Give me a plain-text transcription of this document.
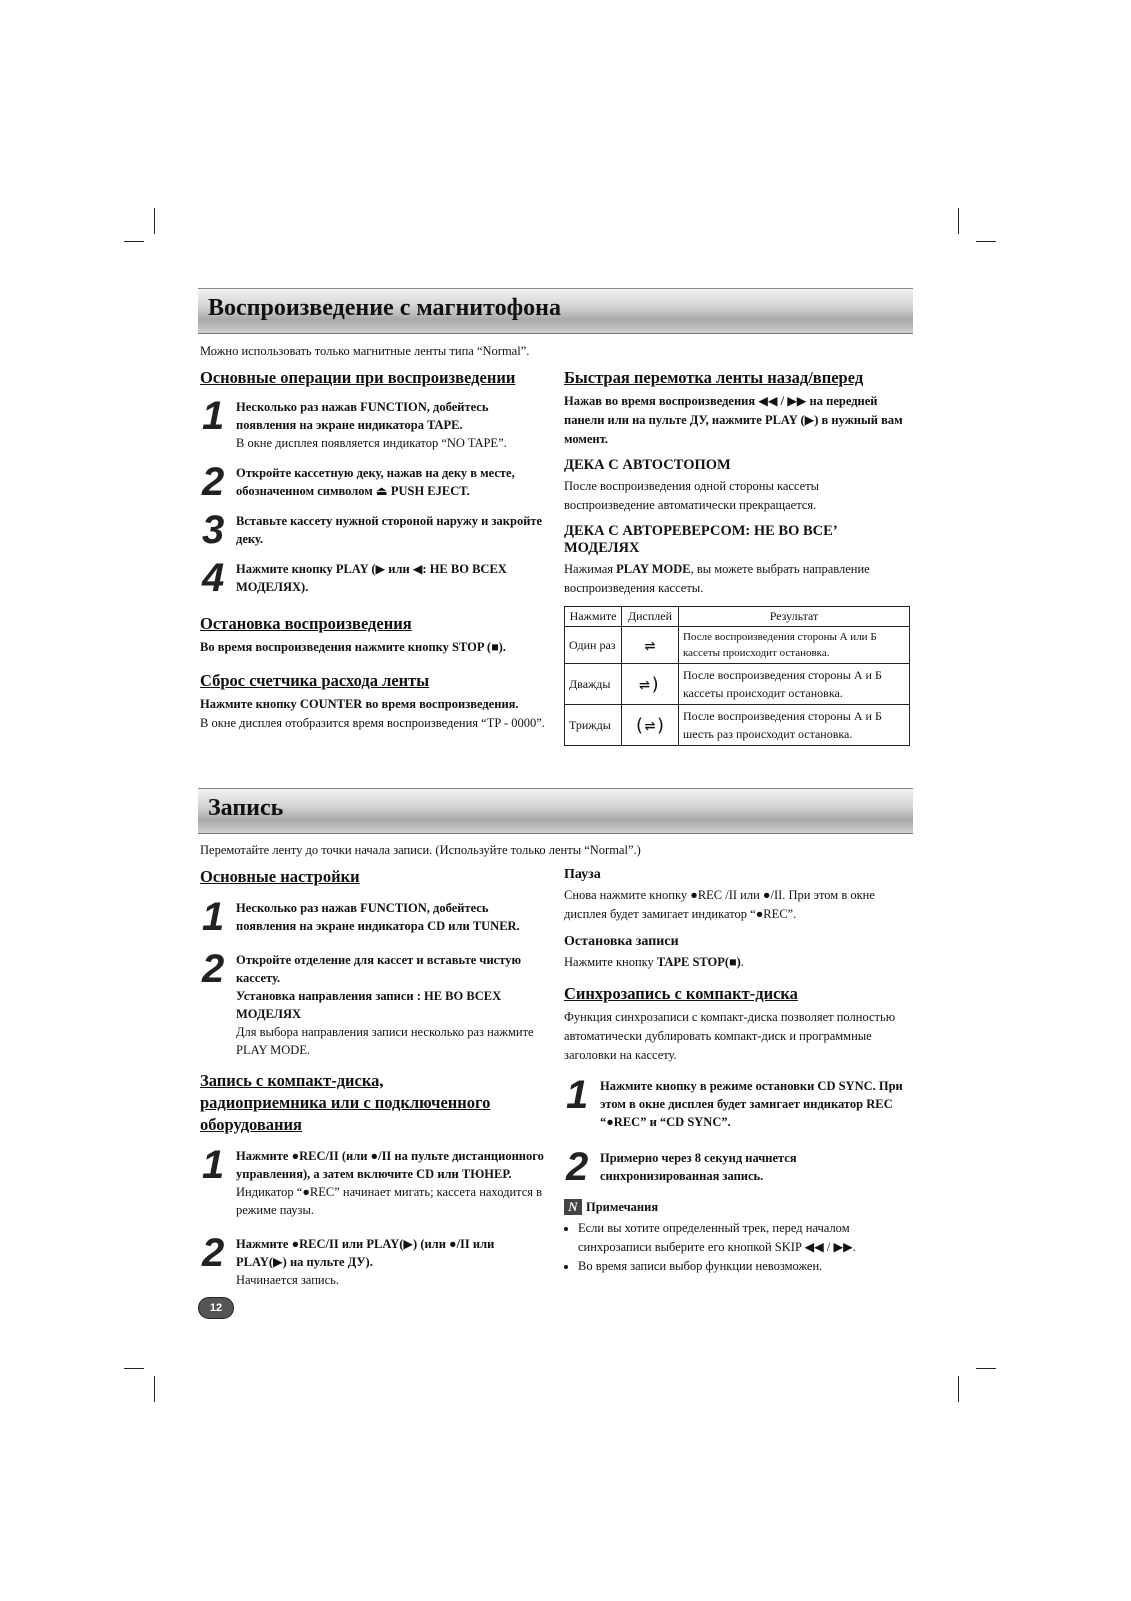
Воспроизведение с магнитофона
Можно использовать только магнитные ленты типа “Normal”.
Основные операции при воспроизведении
1 Несколько раз нажав FUNCTION, добейтесь появления на экране индикатора TAPE.
В окне дисплея появляется индикатор “NO TAPE”.
2 Откройте кассетную деку, нажав на деку в месте, обозначенном символом ⏏ PUSH EJECT.
3 Вставьте кассету нужной стороной наружу и закройте деку.
4 Нажмите кнопку PLAY (▶ или ◀: НЕ ВО ВСЕХ МОДЕЛЯХ).
Остановка воспроизведения

Во время воспроизведения нажмите кнопку STOP (■).

Сброс счетчика расхода ленты

Нажмите кнопку COUNTER во время воспроизведения.

В окне дисплея отобразится время воспроизведения “TP - 0000”.

Быстрая перемотка ленты назад/вперед

Нажав во время воспроизведения ◀◀ / ▶▶ на передней панели или на пульте ДУ, нажмите PLAY (▶) в нужный вам момент.

ДЕКА С АВТОСТОПОМ

После воспроизведения одной стороны кассеты воспроизведение автоматически прекращается.

ДЕКА С АВТОРЕВЕРСОМ: НЕ ВО ВСЕ’ МОДЕЛЯХ

Нажимая PLAY MODE, вы можете выбрать направление воспроизведения кассеты.

Нажмите	Дисплей	Результат
Один раз	⇌	После воспроизведения стороны А или Б кассеты происходит остановка.
Дважды	⇌)	После воспроизведения стороны А и Б кассеты происходит остановка.
Трижды	(⇌)	После воспроизведения стороны А и Б шесть раз происходит остановка.
Запись
Перемотайте ленту до точки начала записи. (Используйте только ленты “Normal”.)
Основные настройки
1 Несколько раз нажав FUNCTION, добейтесь появления на экране индикатора CD или TUNER.
2 Откройте отделение для кассет и вставьте чистую кассету.
Установка направления записи : НЕ ВО ВСЕХ МОДЕЛЯХ
Для выбора направления записи несколько раз нажмите PLAY MODE.
Запись с компакт-диска,
радиоприемника или с подключенного
оборудования
1 Нажмите ●REC/II (или ●/II на пульте дистанционного управления), а затем включите CD или ТЮНЕР.
Индикатор “●REC” начинает мигать; кассета находится в режиме паузы.
2 Нажмите ●REC/II или PLAY(▶) (или ●/II или PLAY(▶) на пульте ДУ).
Начинается запись.
Пауза

Снова нажмите кнопку ●REC /II или ●/II. При этом в окне дисплея будет замигает индикатор “●REC”.

Остановка записи

Нажмите кнопку TAPE STOP(■).

Синхрозапись с компакт-диска

Функция синхрозаписи с компакт-диска позволяет полностью автоматически дублировать компакт-диск и программные заголовки на кассету.

1 Нажмите кнопку в режиме остановки CD SYNC. При этом в окне дисплея будет замигает индикатор REC “●REC” и “CD SYNC”.
2 Примерно через 8 секунд начнется синхронизированная запись.
N Примечания
• Если вы хотите определенный трек, перед началом синхрозаписи выберите его кнопкой SKIP ◀◀ / ▶▶.
• Во время записи выбор функции невозможен.
12
